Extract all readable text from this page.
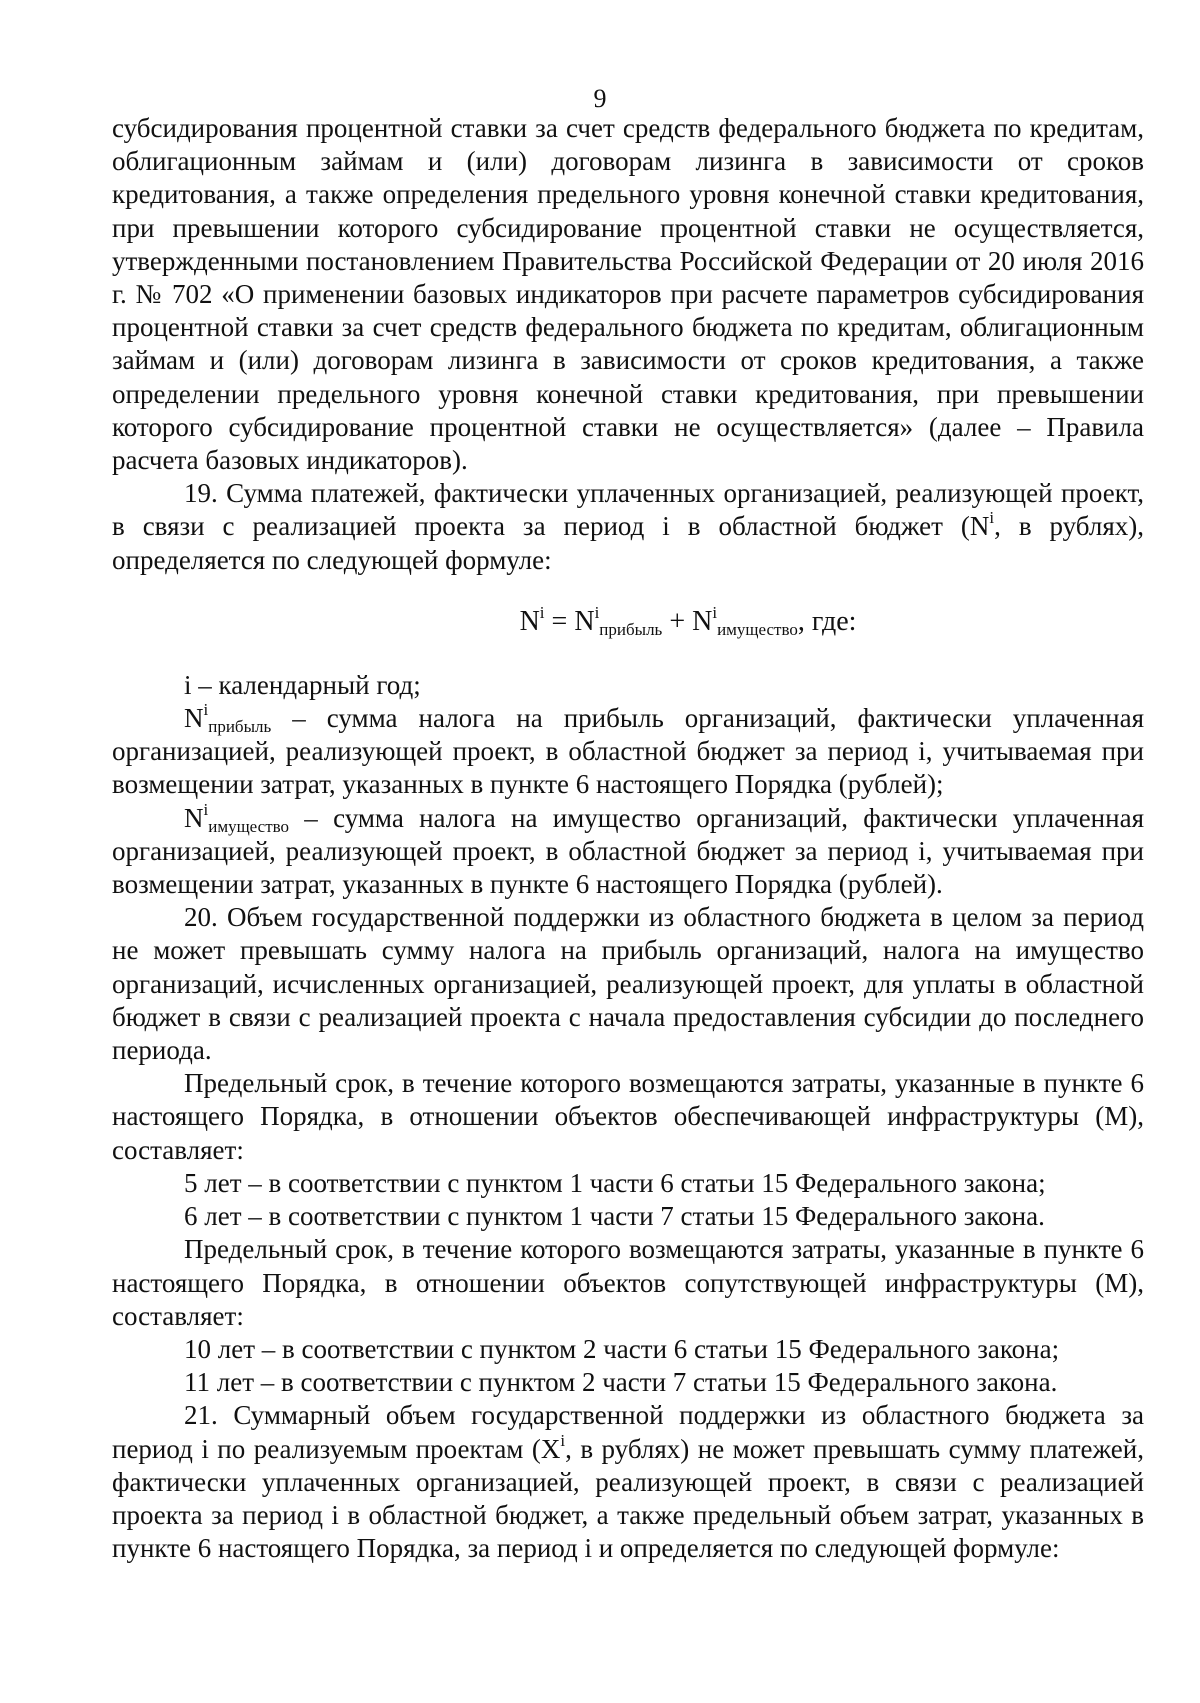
9

субсидирования процентной ставки за счет средств федерального бюджета по кредитам, облигационным займам и (или) договорам лизинга в зависимости от сроков кредитования, а также определения предельного уровня конечной ставки кредитования, при превышении которого субсидирование процентной ставки не осуществляется, утвержденными постановлением Правительства Российской Федерации от 20 июля 2016 г. № 702 «О применении базовых индикаторов при расчете параметров субсидирования процентной ставки за счет средств федерального бюджета по кредитам, облигационным займам и (или) договорам лизинга в зависимости от сроков кредитования, а также определении предельного уровня конечной ставки кредитования, при превышении которого субсидирование процентной ставки не осуществляется» (далее – Правила расчета базовых индикаторов).

19. Сумма платежей, фактически уплаченных организацией, реализующей проект, в связи с реализацией проекта за период i в областной бюджет ($N^i$, в рублях), определяется по следующей формуле:

$N^i = N^i_{прибыль} + N^i_{имущество}$, где:

i – календарный год;

$N^i_{прибыль}$ – сумма налога на прибыль организаций, фактически уплаченная организацией, реализующей проект, в областной бюджет за период i, учитываемая при возмещении затрат, указанных в пункте 6 настоящего Порядка (рублей);

$N^i_{имущество}$ – сумма налога на имущество организаций, фактически уплаченная организацией, реализующей проект, в областной бюджет за период i, учитываемая при возмещении затрат, указанных в пункте 6 настоящего Порядка (рублей).

20. Объем государственной поддержки из областного бюджета в целом за период не может превышать сумму налога на прибыль организаций, налога на имущество организаций, исчисленных организацией, реализующей проект, для уплаты в областной бюджет в связи с реализацией проекта с начала предоставления субсидии до последнего периода.

Предельный срок, в течение которого возмещаются затраты, указанные в пункте 6 настоящего Порядка, в отношении объектов обеспечивающей инфраструктуры (M), составляет:

5 лет – в соответствии с пунктом 1 части 6 статьи 15 Федерального закона;

6 лет – в соответствии с пунктом 1 части 7 статьи 15 Федерального закона.

Предельный срок, в течение которого возмещаются затраты, указанные в пункте 6 настоящего Порядка, в отношении объектов сопутствующей инфраструктуры (M), составляет:

10 лет – в соответствии с пунктом 2 части 6 статьи 15 Федерального закона;

11 лет – в соответствии с пунктом 2 части 7 статьи 15 Федерального закона.

21. Суммарный объем государственной поддержки из областного бюджета за период i по реализуемым проектам ($X^i$, в рублях) не может превышать сумму платежей, фактически уплаченных организацией, реализующей проект, в связи с реализацией проекта за период i в областной бюджет, а также предельный объем затрат, указанных в пункте 6 настоящего Порядка, за период i и определяется по следующей формуле:
